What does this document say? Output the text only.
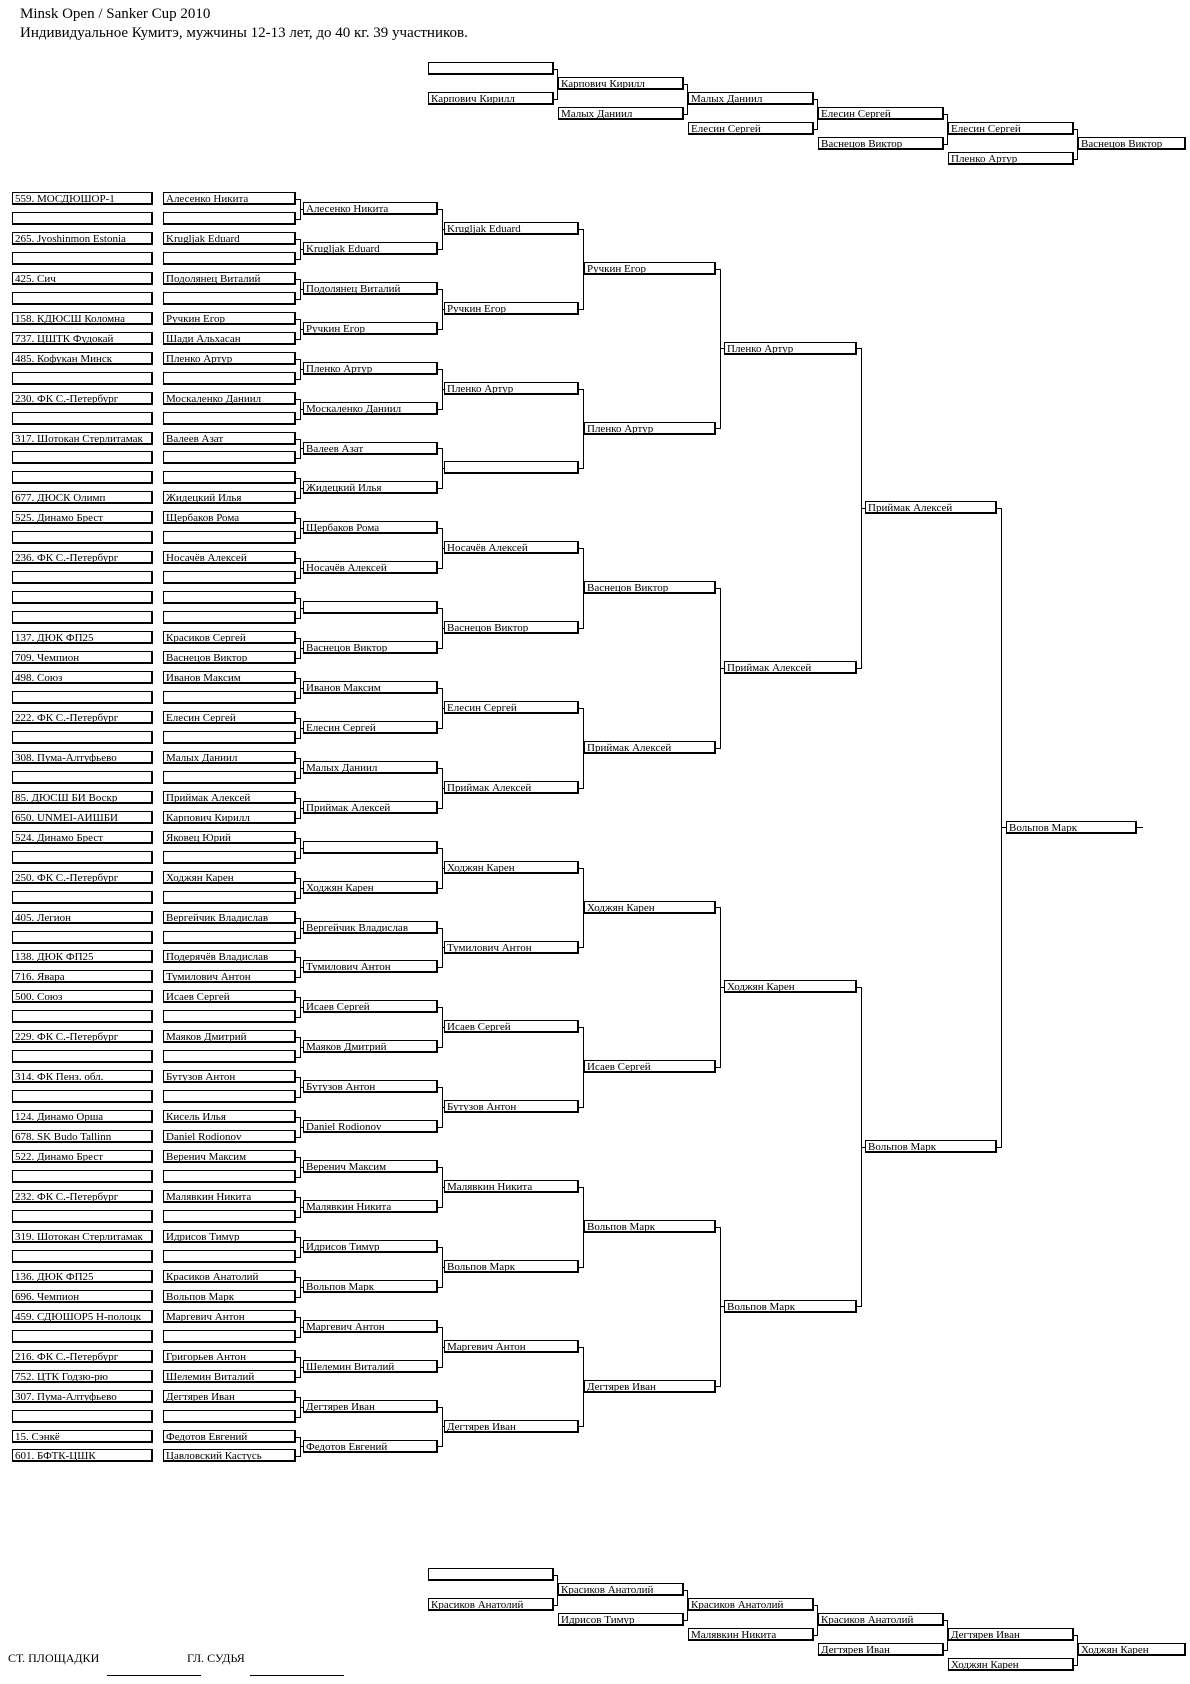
Minsk Open / Sanker Cup 2010
Индивидуальное Кумитэ, мужчины 12-13 лет, до 40 кг. 39 участников.
СТ. ПЛОЩАДКИ	ГЛ. СУДЬЯ
559. МОСДЮШОР-1	Алесенко Никита
265. Jyoshinmon Estonia	Krugljak Eduard
425. Сич	Подолянец Виталий
158. КДЮСШ Коломна	Ручкин Егор
737. ЦШТК Фудокай	Шади Альхасан
485. Кофукан Минск	Пленко Артур
230. ФК С.-Петербург	Москаленко Даниил
317. Шотокан Стерлитамак	Валеев Азат
677. ДЮСК Олимп	Жидецкий Илья
525. Динамо Брест	Щербаков Рома
236. ФК С.-Петербург	Носачёв Алексей
137. ДЮК ФП25	Красиков Сергей
709. Чемпион	Васнецов Виктор
498. Союз	Иванов Максим
222. ФК С.-Петербург	Елесин Сергей
308. Пума-Алтуфьево	Малых Даниил
85. ДЮСШ БИ Воскр	Приймак Алексей
650. UNMEI-АИШБИ	Карпович Кирилл
524. Динамо Брест	Яковец Юрий
250. ФК С.-Петербург	Ходжян Карен
405. Легион	Вергейчик Владислав
138. ДЮК ФП25	Подерячёв Владислав
716. Явара	Тумилович Антон
500. Союз	Исаев Сергей
229. ФК С.-Петербург	Маяков Дмитрий
314. ФК Пенз. обл.	Бутузов Антон
124. Динамо Орша	Кисель Илья
678. SK Budo Tallinn	Daniel Rodionov
522. Динамо Брест	Веренич Максим
232. ФК С.-Петербург	Малявкин Никита
319. Шотокан Стерлитамак	Идрисов Тимур
136. ДЮК ФП25	Красиков Анатолий
696. Чемпион	Вольпов Марк
459. СДЮШОР5 Н-полоцк	Маргевич Антон
216. ФК С.-Петербург	Григорьев Антон
752. ЦТК Годзю-рю	Шелемин Виталий
307. Пума-Алтуфьево	Дегтярев Иван
15. Сэнкё	Федотов Евгений
601. БФТК-ЦШК	Цавловский Кастусь
Алесенко Никита
Krugljak Eduard
Подолянец Виталий
Ручкин Егор
Пленко Артур
Москаленко Даниил
Валеев Азат
Жидецкий Илья
Щербаков Рома
Носачёв Алексей
Васнецов Виктор
Иванов Максим
Елесин Сергей
Малых Даниил
Приймак Алексей
Ходжян Карен
Вергейчик Владислав
Тумилович Антон
Исаев Сергей
Маяков Дмитрий
Бутузов Антон
Daniel Rodionov
Веренич Максим
Малявкин Никита
Идрисов Тимур
Вольпов Марк
Маргевич Антон
Шелемин Виталий
Дегтярев Иван
Федотов Евгений
Krugljak Eduard
Ручкин Егор
Пленко Артур
Носачёв Алексей
Васнецов Виктор
Елесин Сергей
Приймак Алексей
Ходжян Карен
Тумилович Антон
Исаев Сергей
Бутузов Антон
Малявкин Никита
Вольпов Марк
Маргевич Антон
Дегтярев Иван
Ручкин Егор
Пленко Артур
Васнецов Виктор
Приймак Алексей
Ходжян Карен
Исаев Сергей
Вольпов Марк
Дегтярев Иван
Пленко Артур
Приймак Алексей
Ходжян Карен
Вольпов Марк
Приймак Алексей
Вольпов Марк
Вольпов Марк
Карпович Кирилл
Карпович Кирилл
Малых Даниил
Малых Даниил
Елесин Сергей
Елесин Сергей
Васнецов Виктор
Елесин Сергей
Пленко Артур
Васнецов Виктор
Красиков Анатолий
Красиков Анатолий
Идрисов Тимур
Красиков Анатолий
Малявкин Никита
Красиков Анатолий
Дегтярев Иван
Дегтярев Иван
Ходжян Карен
Ходжян Карен
